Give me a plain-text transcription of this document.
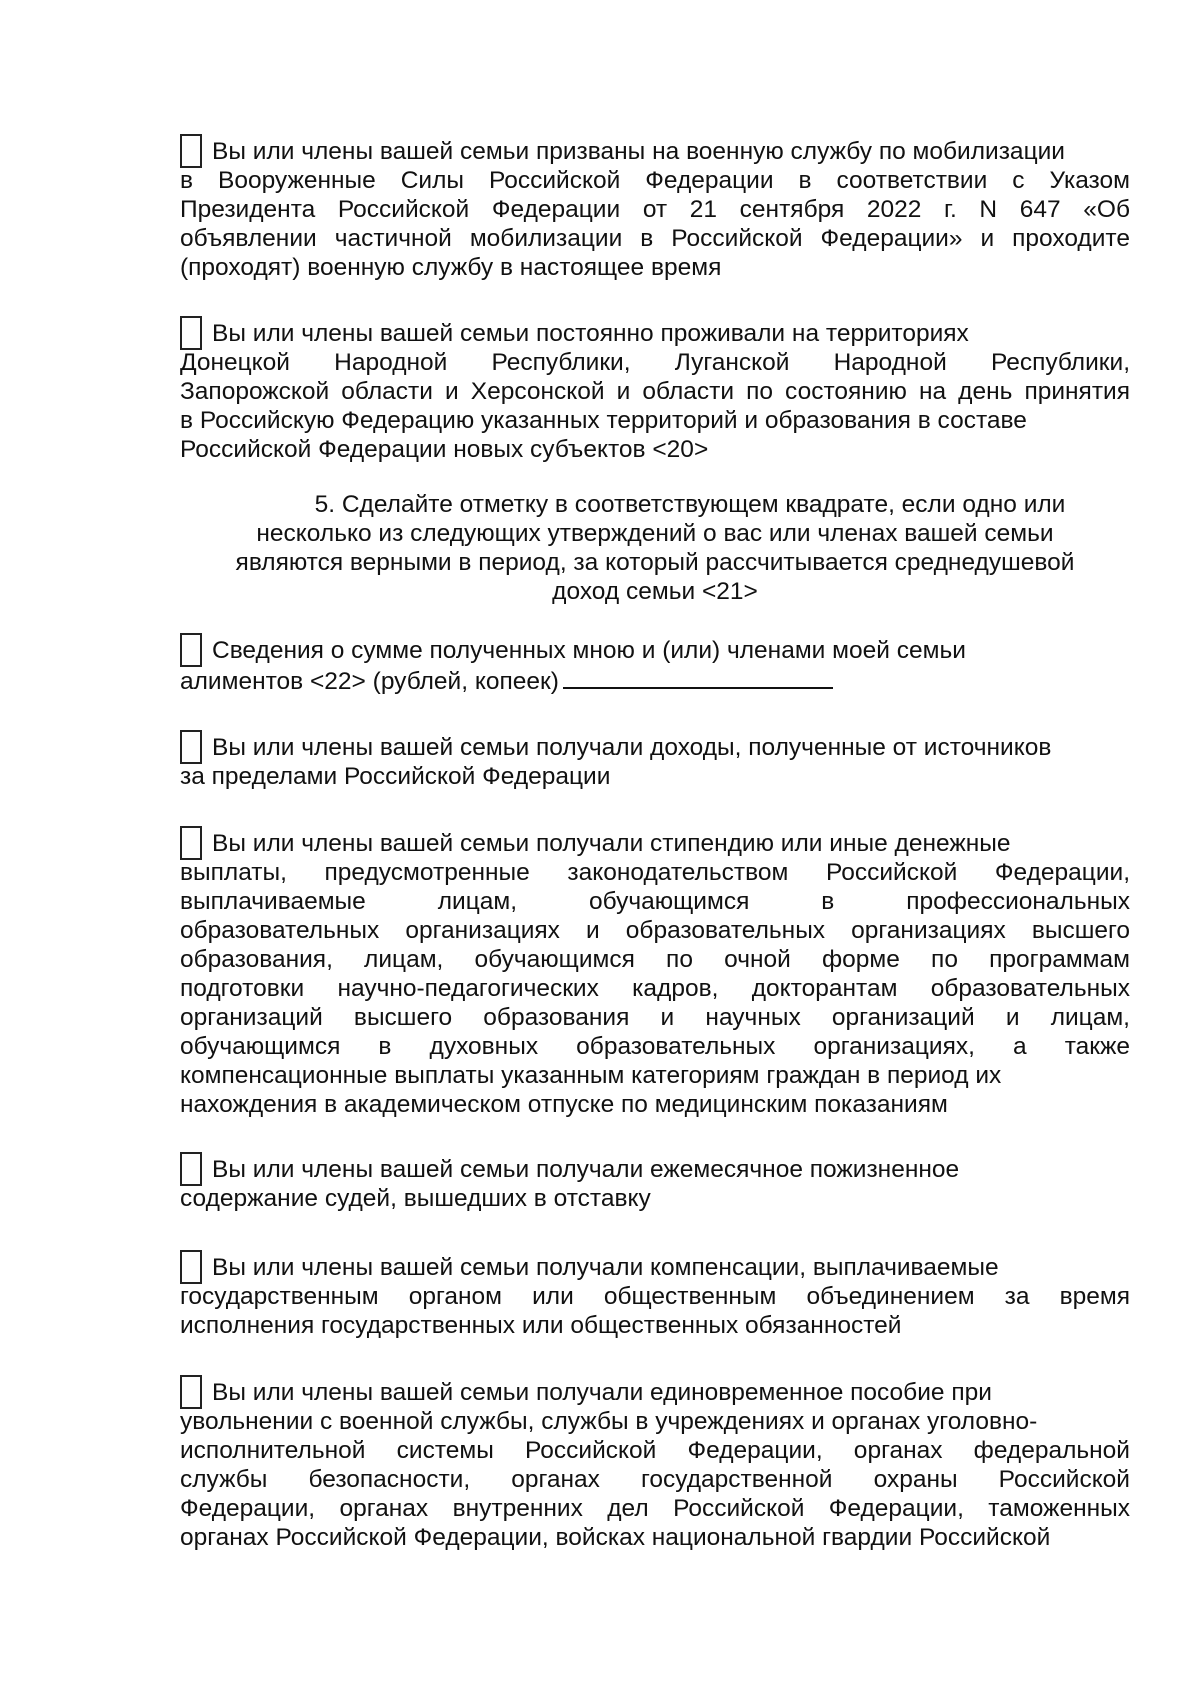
Вы или члены вашей семьи призваны на военную службу по мобилизации
в Вооруженные Силы Российской Федерации в соответствии с Указом
Президента Российской Федерации от 21 сентября 2022 г. N 647 «Об
объявлении частичной мобилизации в Российской Федерации» и проходите
(проходят) военную службу в настоящее время
Вы или члены вашей семьи постоянно проживали на территориях
Донецкой Народной Республики, Луганской Народной Республики,
Запорожской области и Херсонской и области по состоянию на день принятия
в Российскую Федерацию указанных территорий и образования в составе
Российской Федерации новых субъектов <20>
5. Сделайте отметку в соответствующем квадрате, если одно или
несколько из следующих утверждений о вас или членах вашей семьи
являются верными в период, за который рассчитывается среднедушевой
доход семьи <21>
Сведения о сумме полученных мною и (или) членами моей семьи
алиментов <22> (рублей, копеек)
Вы или члены вашей семьи получали доходы, полученные от источников
за пределами Российской Федерации
Вы или члены вашей семьи получали стипендию или иные денежные
выплаты, предусмотренные законодательством Российской Федерации,
выплачиваемые лицам, обучающимся в профессиональных
образовательных организациях и образовательных организациях высшего
образования, лицам, обучающимся по очной форме по программам
подготовки научно-педагогических кадров, докторантам образовательных
организаций высшего образования и научных организаций и лицам,
обучающимся в духовных образовательных организациях, а также
компенсационные выплаты указанным категориям граждан в период их
нахождения в академическом отпуске по медицинским показаниям
Вы или члены вашей семьи получали ежемесячное пожизненное
содержание судей, вышедших в отставку
Вы или члены вашей семьи получали компенсации, выплачиваемые
государственным органом или общественным объединением за время
исполнения государственных или общественных обязанностей
Вы или члены вашей семьи получали единовременное пособие при
увольнении с военной службы, службы в учреждениях и органах уголовно-
исполнительной системы Российской Федерации, органах федеральной
службы безопасности, органах государственной охраны Российской
Федерации, органах внутренних дел Российской Федерации, таможенных
органах Российской Федерации, войсках национальной гвардии Российской
